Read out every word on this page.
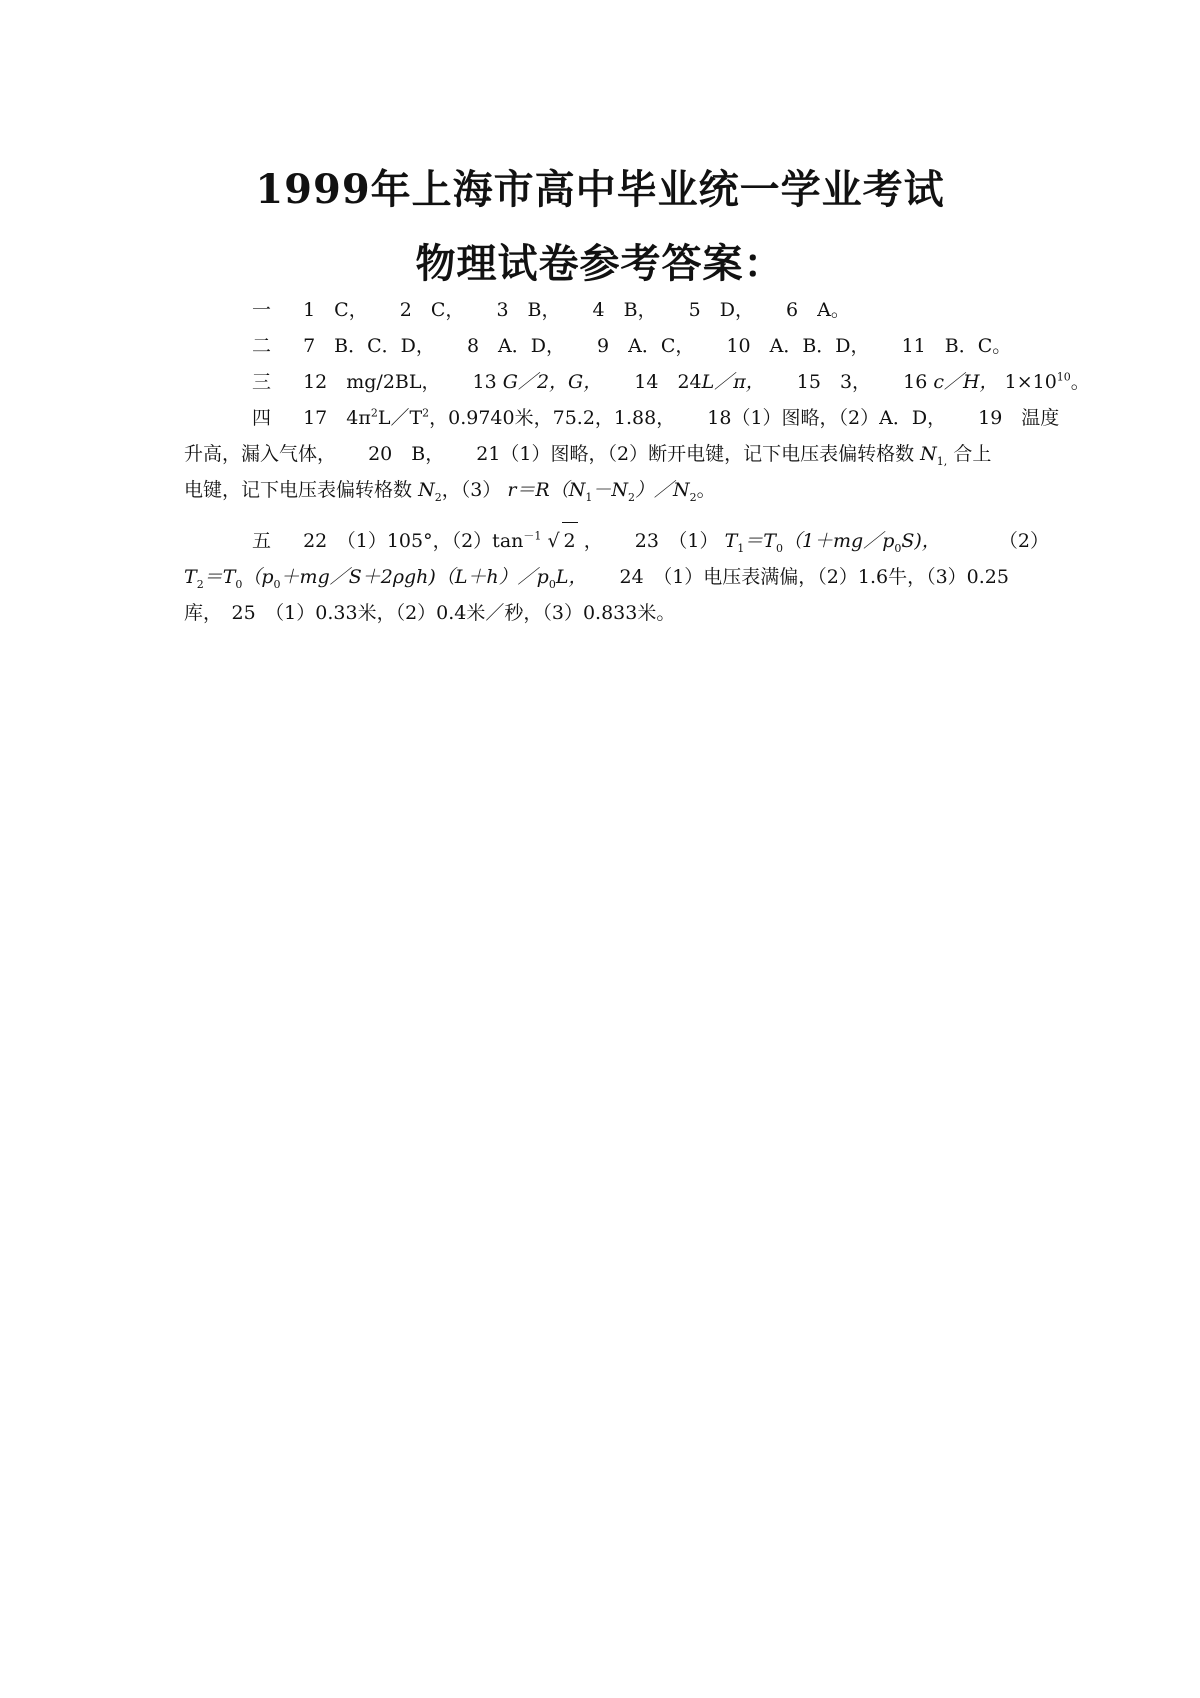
1999年上海市高中毕业统一学业考试
物理试卷参考答案：
一 1　C， 2　C， 3　B， 4　B， 5　D， 6　A。
二 7　B．C．D， 8　A．D， 9　A．C， 10　A．B．D， 11　B．C。
三 12　mg/2BL， 13 G／2，G， 14　24L／π， 15　3， 16 c／H， $1\times 10^{10}$。
四 17　$4\pi^2L/T^2$，0.9740米，75.2，1.88， 18（1）图略，（2）A．D， 19　温度
升高，漏入气体， 20　B， 21（1）图略，（2）断开电键，记下电压表偏转格数 $N_{1,}$ 合上
电键，记下电压表偏转格数 $N_2$，（3） $r=R(N_1-N_2)/N_2$。
五 22　（1）105°，$(2)\tan^{-1}$ √ 2 ， 23　（1） $T_1=T_0(1+mg/p_0S)$，	（2）
$T_2=T_0(p_0+mg/S+2\rho gh)(L+h)/p_0L$， 24　（1）电压表满偏，（2）1.6牛，（3）0.25
库，　25　（1）0.33米，（2）0.4米／秒，（3）0.833米。
